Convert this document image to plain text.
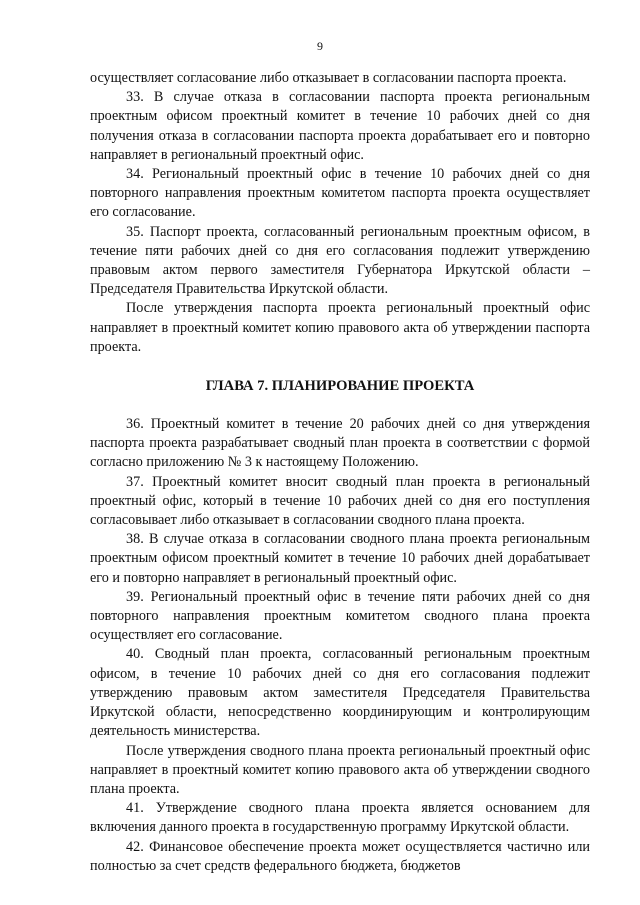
9

осуществляет согласование либо отказывает в согласовании паспорта проекта.

33. В случае отказа в согласовании паспорта проекта региональным проектным офисом проектный комитет в течение 10 рабочих дней со дня получения отказа в согласовании паспорта проекта дорабатывает его и повторно направляет в региональный проектный офис.

34. Региональный проектный офис в течение 10 рабочих дней со дня повторного направления проектным комитетом паспорта проекта осуществляет его согласование.

35. Паспорт проекта, согласованный региональным проектным офисом, в течение пяти рабочих дней со дня его согласования подлежит утверждению правовым актом первого заместителя Губернатора Иркутской области – Председателя Правительства Иркутской области.

После утверждения паспорта проекта региональный проектный офис направляет в проектный комитет копию правового акта об утверждении паспорта проекта.

ГЛАВА 7. ПЛАНИРОВАНИЕ ПРОЕКТА

36. Проектный комитет в течение 20 рабочих дней со дня утверждения паспорта проекта разрабатывает сводный план проекта в соответствии с формой согласно приложению № 3 к настоящему Положению.

37. Проектный комитет вносит сводный план проекта в региональный проектный офис, который в течение 10 рабочих дней со дня его поступления согласовывает либо отказывает в согласовании сводного плана проекта.

38. В случае отказа в согласовании сводного плана проекта региональным проектным офисом проектный комитет в течение 10 рабочих дней дорабатывает его и повторно направляет в региональный проектный офис.

39. Региональный проектный офис в течение пяти рабочих дней со дня повторного направления проектным комитетом сводного плана проекта осуществляет его согласование.

40. Сводный план проекта, согласованный региональным проектным офисом, в течение 10 рабочих дней со дня его согласования подлежит утверждению правовым актом заместителя Председателя Правительства Иркутской области, непосредственно координирующим и контролирующим деятельность министерства.

После утверждения сводного плана проекта региональный проектный офис направляет в проектный комитет копию правового акта об утверждении сводного плана проекта.

41. Утверждение сводного плана проекта является основанием для включения данного проекта в государственную программу Иркутской области.

42. Финансовое обеспечение проекта может осуществляется частично или полностью за счет средств федерального бюджета, бюджетов
